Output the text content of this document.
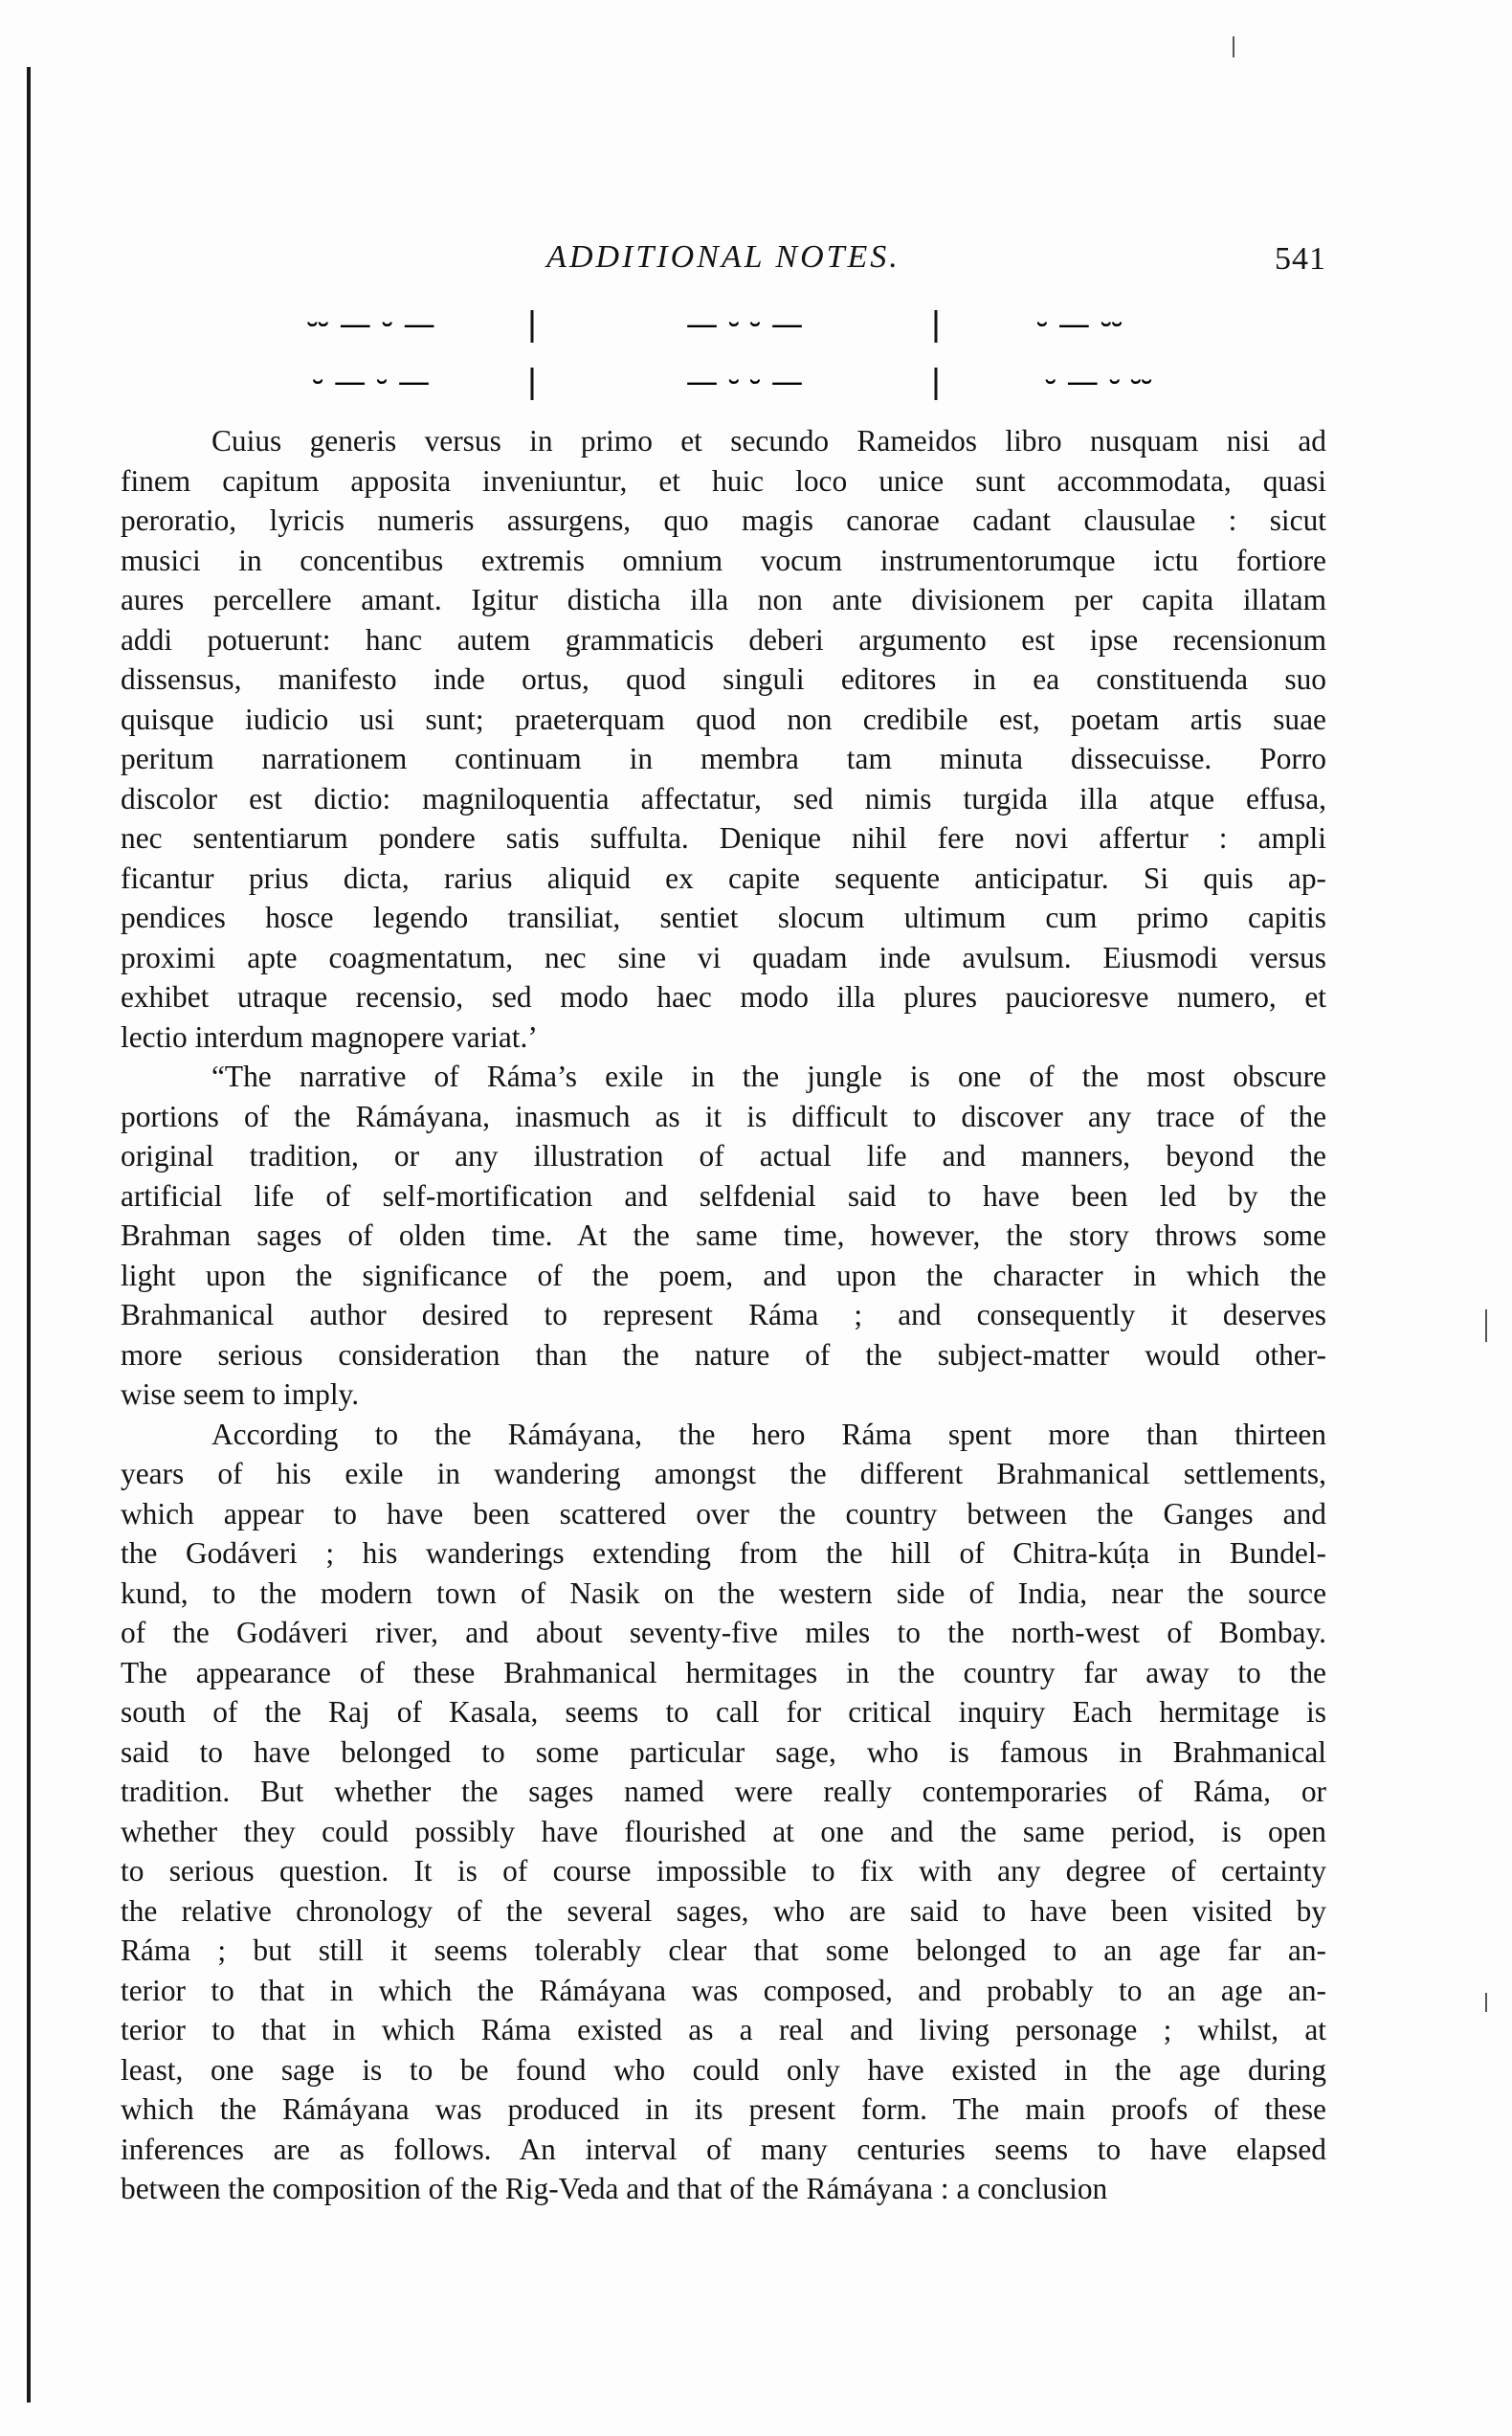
ADDITIONAL NOTES.	541
⏑⏑ — ⏑ —	— ⏑ ⏑ —	⏑ — ⏑⏑
⏑ — ⏑ —	— ⏑ ⏑ —	⏑ — ⏑ ⏑⏑

Cuius generis versus in primo et secundo Rameidos libro nusquam nisi ad
finem capitum apposita inveniuntur, et huic loco unice sunt accommodata, quasi
peroratio, lyricis numeris assurgens, quo magis canorae cadant clausulae : sicut
musici in concentibus extremis omnium vocum instrumentorumque ictu fortiore
aures percellere amant. Igitur disticha illa non ante divisionem per capita illatam
addi potuerunt: hanc autem grammaticis deberi argumento est ipse recensionum
dissensus, manifesto inde ortus, quod singuli editores in ea constituenda suo
quisque iudicio usi sunt; praeterquam quod non credibile est, poetam artis suae
peritum narrationem continuam in membra tam minuta dissecuisse. Porro
discolor est dictio: magniloquentia affectatur, sed nimis turgida illa atque effusa,
nec sententiarum pondere satis suffulta. Denique nihil fere novi affertur : ampli
ficantur prius dicta, rarius aliquid ex capite sequente anticipatur. Si quis ap-
pendices hosce legendo transiliat, sentiet slocum ultimum cum primo capitis
proximi apte coagmentatum, nec sine vi quadam inde avulsum. Eiusmodi versus
exhibet utraque recensio, sed modo haec modo illa plures paucioresve numero, et
lectio interdum magnopere variat.’

“The narrative of Ráma’s exile in the jungle is one of the most obscure
portions of the Rámáyana, inasmuch as it is difficult to discover any trace of the
original tradition, or any illustration of actual life and manners, beyond the
artificial life of self-mortification and selfdenial said to have been led by the
Brahman sages of olden time. At the same time, however, the story throws some
light upon the significance of the poem, and upon the character in which the
Brahmanical author desired to represent Ráma ; and consequently it deserves
more serious consideration than the nature of the subject-matter would other-
wise seem to imply.

According to the Rámáyana, the hero Ráma spent more than thirteen
years of his exile in wandering amongst the different Brahmanical settlements,
which appear to have been scattered over the country between the Ganges and
the Godáveri ; his wanderings extending from the hill of Chitra-kúṭa in Bundel-
kund, to the modern town of Nasik on the western side of India, near the source
of the Godáveri river, and about seventy-five miles to the north-west of Bombay.
The appearance of these Brahmanical hermitages in the country far away to the
south of the Raj of Kasala, seems to call for critical inquiry Each hermitage is
said to have belonged to some particular sage, who is famous in Brahmanical
tradition. But whether the sages named were really contemporaries of Ráma, or
whether they could possibly have flourished at one and the same period, is open
to serious question. It is of course impossible to fix with any degree of certainty
the relative chronology of the several sages, who are said to have been visited by
Ráma ; but still it seems tolerably clear that some belonged to an age far an-
terior to that in which the Rámáyana was composed, and probably to an age an-
terior to that in which Ráma existed as a real and living personage ; whilst, at
least, one sage is to be found who could only have existed in the age during
which the Rámáyana was produced in its present form. The main proofs of these
inferences are as follows. An interval of many centuries seems to have elapsed
between the composition of the Rig-Veda and that of the Rámáyana : a conclusion
